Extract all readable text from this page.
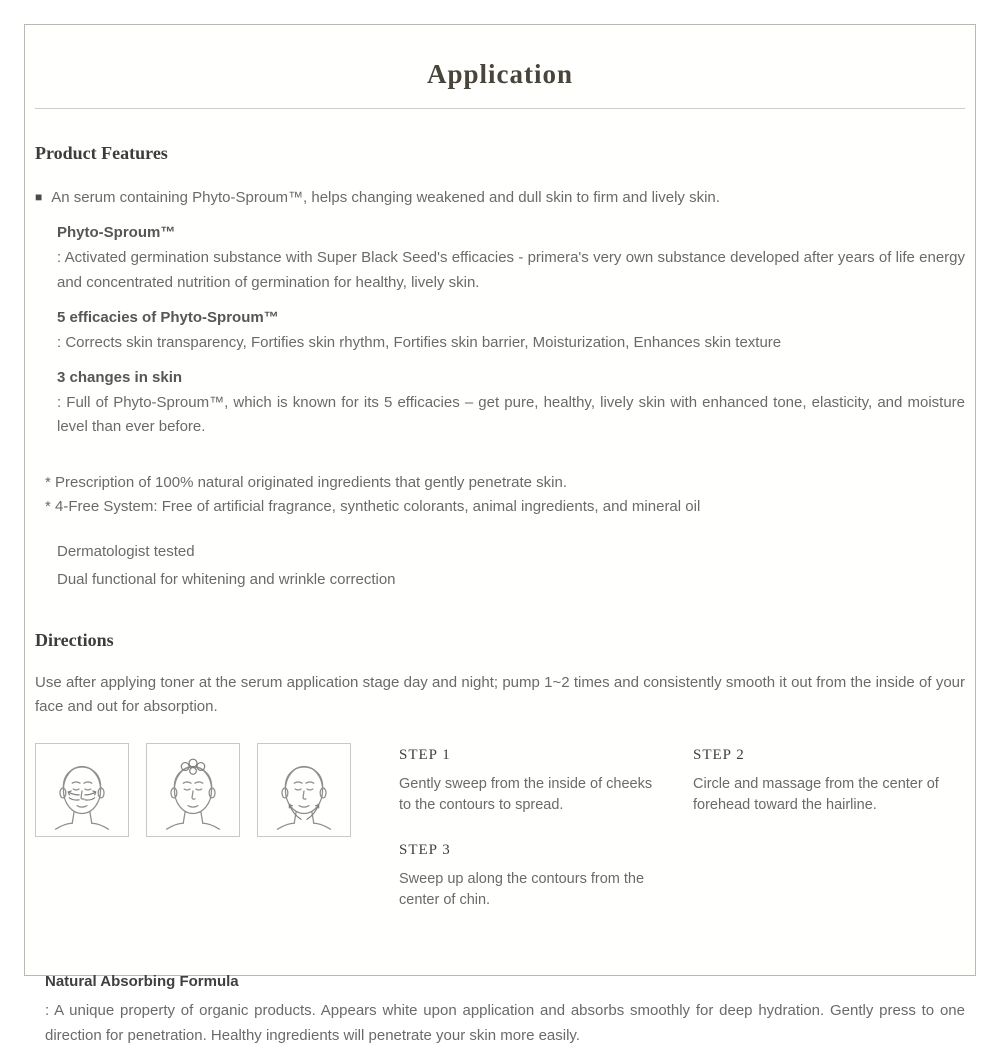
Application
Product Features
■ An serum containing Phyto-Sproum™, helps changing weakened and dull skin to firm and lively skin.

Phyto-Sproum™

: Activated germination substance with Super Black Seed's efficacies - primera's very own substance developed after years of life energy and concentrated nutrition of germination for healthy, lively skin.

5 efficacies of Phyto-Sproum™

: Corrects skin transparency, Fortifies skin rhythm, Fortifies skin barrier, Moisturization, Enhances skin texture

3 changes in skin

: Full of Phyto-Sproum™, which is known for its 5 efficacies – get pure, healthy, lively skin with enhanced tone, elasticity, and moisture level than ever before.

* Prescription of 100% natural originated ingredients that gently penetrate skin.

* 4-Free System: Free of artificial fragrance, synthetic colorants, animal ingredients, and mineral oil

Dermatologist tested

Dual functional for whitening and wrinkle correction

Directions

Use after applying toner at the serum application stage day and night; pump 1~2 times and consistently smooth it out from the inside of your face and out for absorption.

STEP 1

Gently sweep from the inside of cheeks to the contours to spread.

STEP 3

Sweep up along the contours from the center of chin.

STEP 2

Circle and massage from the center of forehead toward the hairline.

Natural Absorbing Formula

: A unique property of organic products. Appears white upon application and absorbs smoothly for deep hydration. Gently press to one direction for penetration. Healthy ingredients will penetrate your skin more easily.
